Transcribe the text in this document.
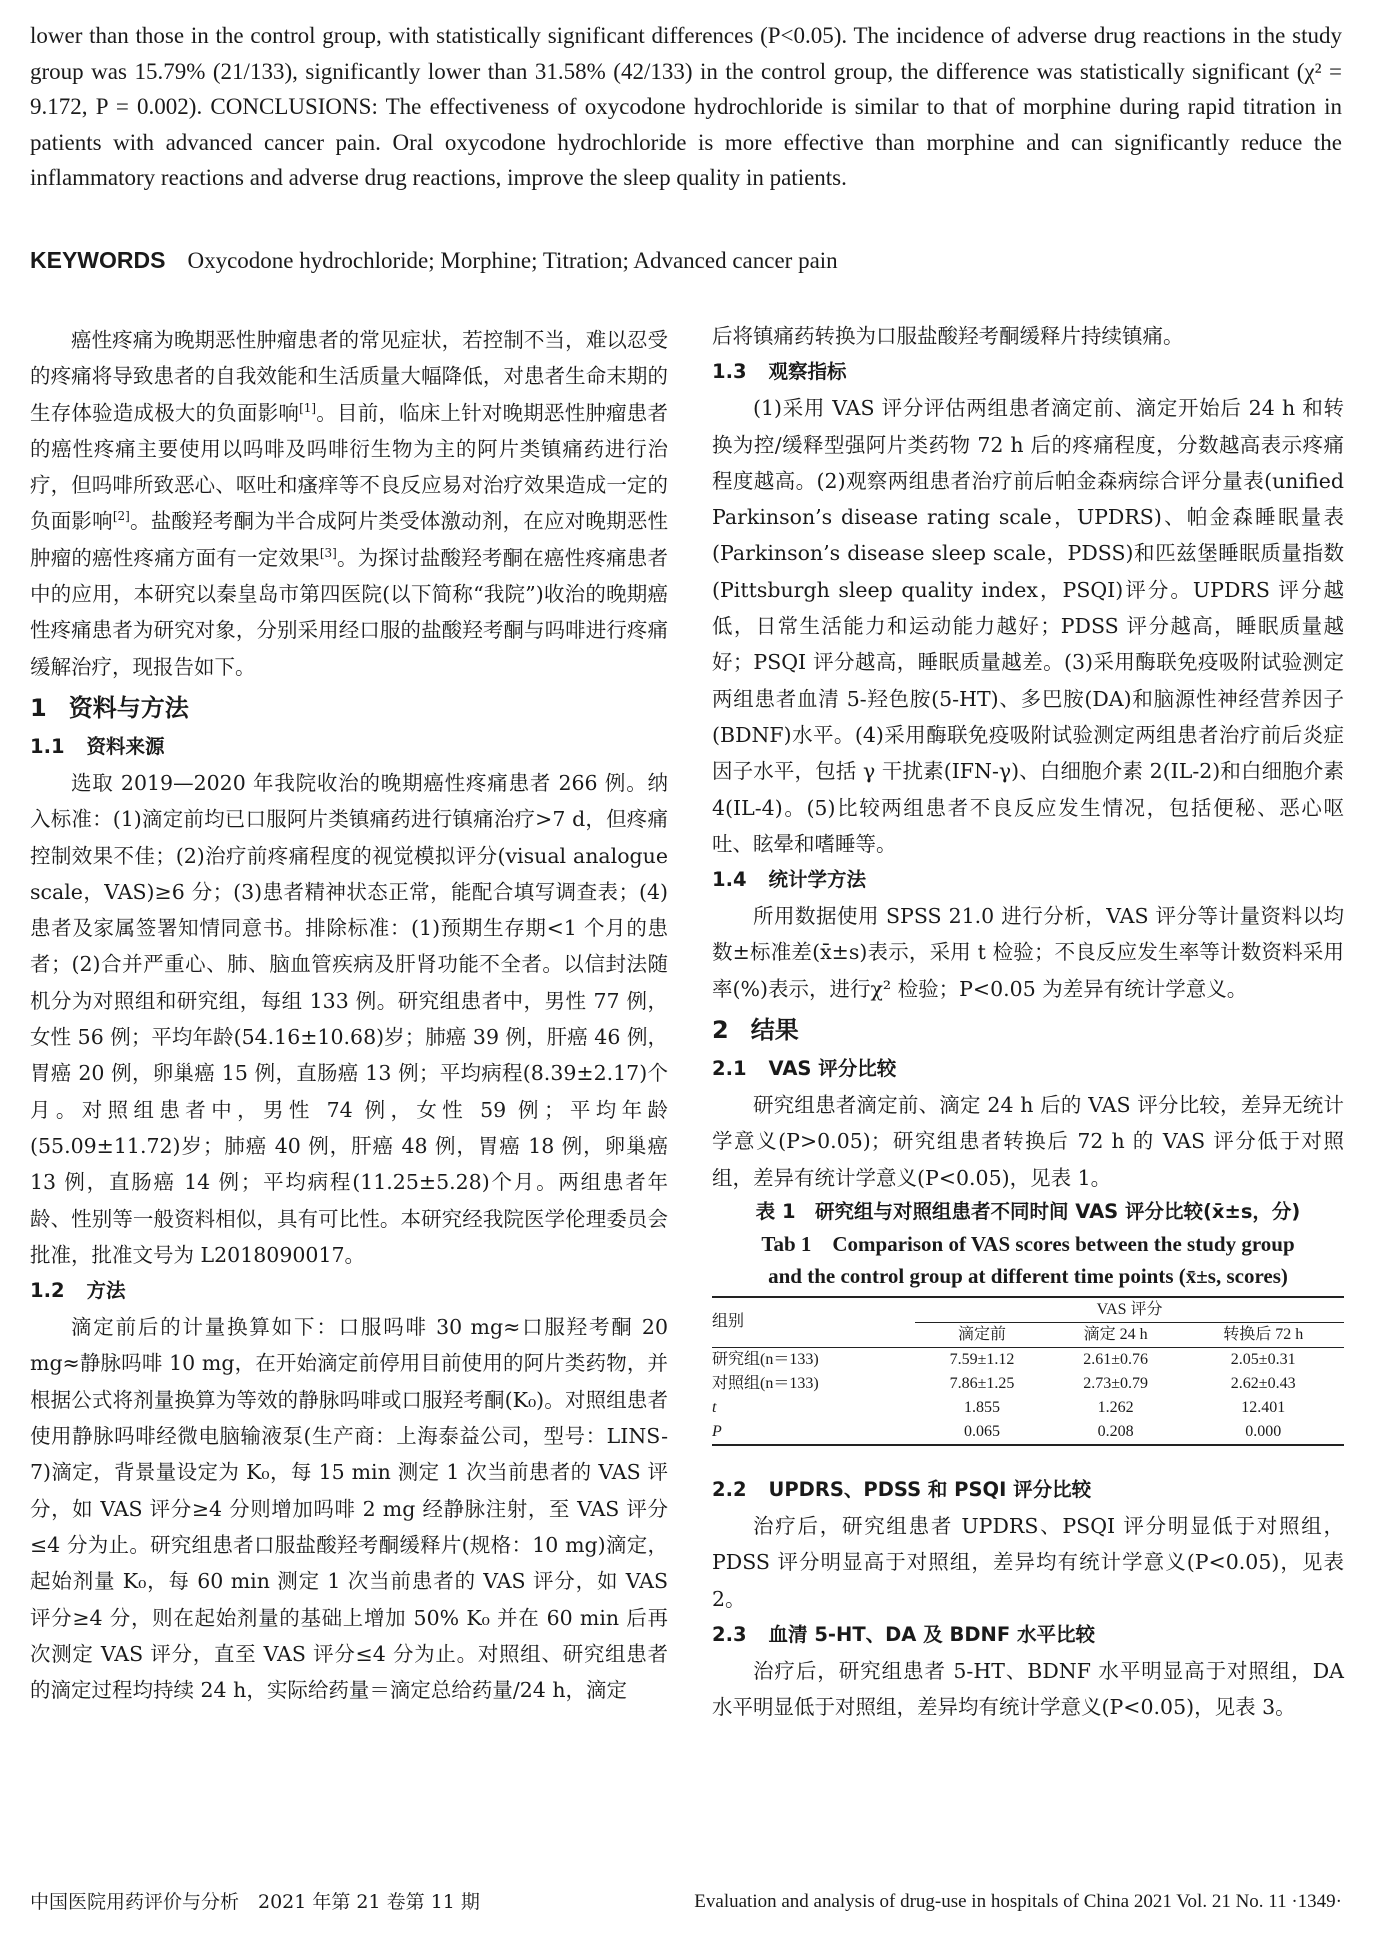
lower than those in the control group, with statistically significant differences (P<0.05). The incidence of adverse drug reactions in the study group was 15.79% (21/133), significantly lower than 31.58% (42/133) in the control group, the difference was statistically significant (χ² = 9.172, P = 0.002). CONCLUSIONS: The effectiveness of oxycodone hydrochloride is similar to that of morphine during rapid titration in patients with advanced cancer pain. Oral oxycodone hydrochloride is more effective than morphine and can significantly reduce the inflammatory reactions and adverse drug reactions, improve the sleep quality in patients.

KEYWORDS Oxycodone hydrochloride; Morphine; Titration; Advanced cancer pain

癌性疼痛为晚期恶性肿瘤患者的常见症状，若控制不当，难以忍受的疼痛将导致患者的自我效能和生活质量大幅降低，对患者生命末期的生存体验造成极大的负面影响[1]。目前，临床上针对晚期恶性肿瘤患者的癌性疼痛主要使用以吗啡及吗啡衍生物为主的阿片类镇痛药进行治疗，但吗啡所致恶心、呕吐和瘙痒等不良反应易对治疗效果造成一定的负面影响[2]。盐酸羟考酮为半合成阿片类受体激动剂，在应对晚期恶性肿瘤的癌性疼痛方面有一定效果[3]。为探讨盐酸羟考酮在癌性疼痛患者中的应用，本研究以秦皇岛市第四医院(以下简称“我院”)收治的晚期癌性疼痛患者为研究对象，分别采用经口服的盐酸羟考酮与吗啡进行疼痛缓解治疗，现报告如下。

1 资料与方法
1.1 资料来源

选取 2019—2020 年我院收治的晚期癌性疼痛患者 266 例。纳入标准：(1)滴定前均已口服阿片类镇痛药进行镇痛治疗>7 d，但疼痛控制效果不佳；(2)治疗前疼痛程度的视觉模拟评分(visual analogue scale，VAS)≥6 分；(3)患者精神状态正常，能配合填写调查表；(4)患者及家属签署知情同意书。排除标准：(1)预期生存期<1 个月的患者；(2)合并严重心、肺、脑血管疾病及肝肾功能不全者。以信封法随机分为对照组和研究组，每组 133 例。研究组患者中，男性 77 例，女性 56 例；平均年龄(54.16±10.68)岁；肺癌 39 例，肝癌 46 例，胃癌 20 例，卵巢癌 15 例，直肠癌 13 例；平均病程(8.39±2.17)个月。对照组患者中，男性 74 例，女性 59 例；平均年龄(55.09±11.72)岁；肺癌 40 例，肝癌 48 例，胃癌 18 例，卵巢癌 13 例，直肠癌 14 例；平均病程(11.25±5.28)个月。两组患者年龄、性别等一般资料相似，具有可比性。本研究经我院医学伦理委员会批准，批准文号为 L2018090017。

1.2 方法

滴定前后的计量换算如下：口服吗啡 30 mg≈口服羟考酮 20 mg≈静脉吗啡 10 mg，在开始滴定前停用目前使用的阿片类药物，并根据公式将剂量换算为等效的静脉吗啡或口服羟考酮(K₀)。对照组患者使用静脉吗啡经微电脑输液泵(生产商：上海泰益公司，型号：LINS-7)滴定，背景量设定为 K₀，每 15 min 测定 1 次当前患者的 VAS 评分，如 VAS 评分≥4 分则增加吗啡 2 mg 经静脉注射，至 VAS 评分≤4 分为止。研究组患者口服盐酸羟考酮缓释片(规格：10 mg)滴定，起始剂量 K₀，每 60 min 测定 1 次当前患者的 VAS 评分，如 VAS 评分≥4 分，则在起始剂量的基础上增加 50% K₀ 并在 60 min 后再次测定 VAS 评分，直至 VAS 评分≤4 分为止。对照组、研究组患者的滴定过程均持续 24 h，实际给药量＝滴定总给药量/24 h，滴定

后将镇痛药转换为口服盐酸羟考酮缓释片持续镇痛。

1.3 观察指标

(1)采用 VAS 评分评估两组患者滴定前、滴定开始后 24 h 和转换为控/缓释型强阿片类药物 72 h 后的疼痛程度，分数越高表示疼痛程度越高。(2)观察两组患者治疗前后帕金森病综合评分量表(unified Parkinson’s disease rating scale，UPDRS)、帕金森睡眠量表(Parkinson’s disease sleep scale，PDSS)和匹兹堡睡眠质量指数(Pittsburgh sleep quality index，PSQI)评分。UPDRS 评分越低，日常生活能力和运动能力越好；PDSS 评分越高，睡眠质量越好；PSQI 评分越高，睡眠质量越差。(3)采用酶联免疫吸附试验测定两组患者血清 5-羟色胺(5-HT)、多巴胺(DA)和脑源性神经营养因子(BDNF)水平。(4)采用酶联免疫吸附试验测定两组患者治疗前后炎症因子水平，包括 γ 干扰素(IFN-γ)、白细胞介素 2(IL-2)和白细胞介素 4(IL-4)。(5)比较两组患者不良反应发生情况，包括便秘、恶心呕吐、眩晕和嗜睡等。

1.4 统计学方法

所用数据使用 SPSS 21.0 进行分析，VAS 评分等计量资料以均数±标准差(x̄±s)表示，采用 t 检验；不良反应发生率等计数资料采用率(%)表示，进行χ² 检验；P<0.05 为差异有统计学意义。

2 结果
2.1 VAS 评分比较

研究组患者滴定前、滴定 24 h 后的 VAS 评分比较，差异无统计学意义(P>0.05)；研究组患者转换后 72 h 的 VAS 评分低于对照组，差异有统计学意义(P<0.05)，见表 1。

表 1　研究组与对照组患者不同时间 VAS 评分比较(x̄±s，分)
Tab 1　Comparison of VAS scores between the study group
and the control group at different time points (x̄±s, scores)
组别	VAS 评分		
	滴定前	滴定 24 h	转换后 72 h
研究组(n＝133)	7.59±1.12	2.61±0.76	2.05±0.31
对照组(n＝133)	7.86±1.25	2.73±0.79	2.62±0.43
t	1.855	1.262	12.401
P	0.065	0.208	0.000
2.2 UPDRS、PDSS 和 PSQI 评分比较

治疗后，研究组患者 UPDRS、PSQI 评分明显低于对照组，PDSS 评分明显高于对照组，差异均有统计学意义(P<0.05)，见表 2。

2.3 血清 5-HT、DA 及 BDNF 水平比较

治疗后，研究组患者 5-HT、BDNF 水平明显高于对照组，DA 水平明显低于对照组，差异均有统计学意义(P<0.05)，见表 3。

中国医院用药评价与分析　2021 年第 21 卷第 11 期	Evaluation and analysis of drug-use in hospitals of China 2021 Vol. 21 No. 11 ·1349·
